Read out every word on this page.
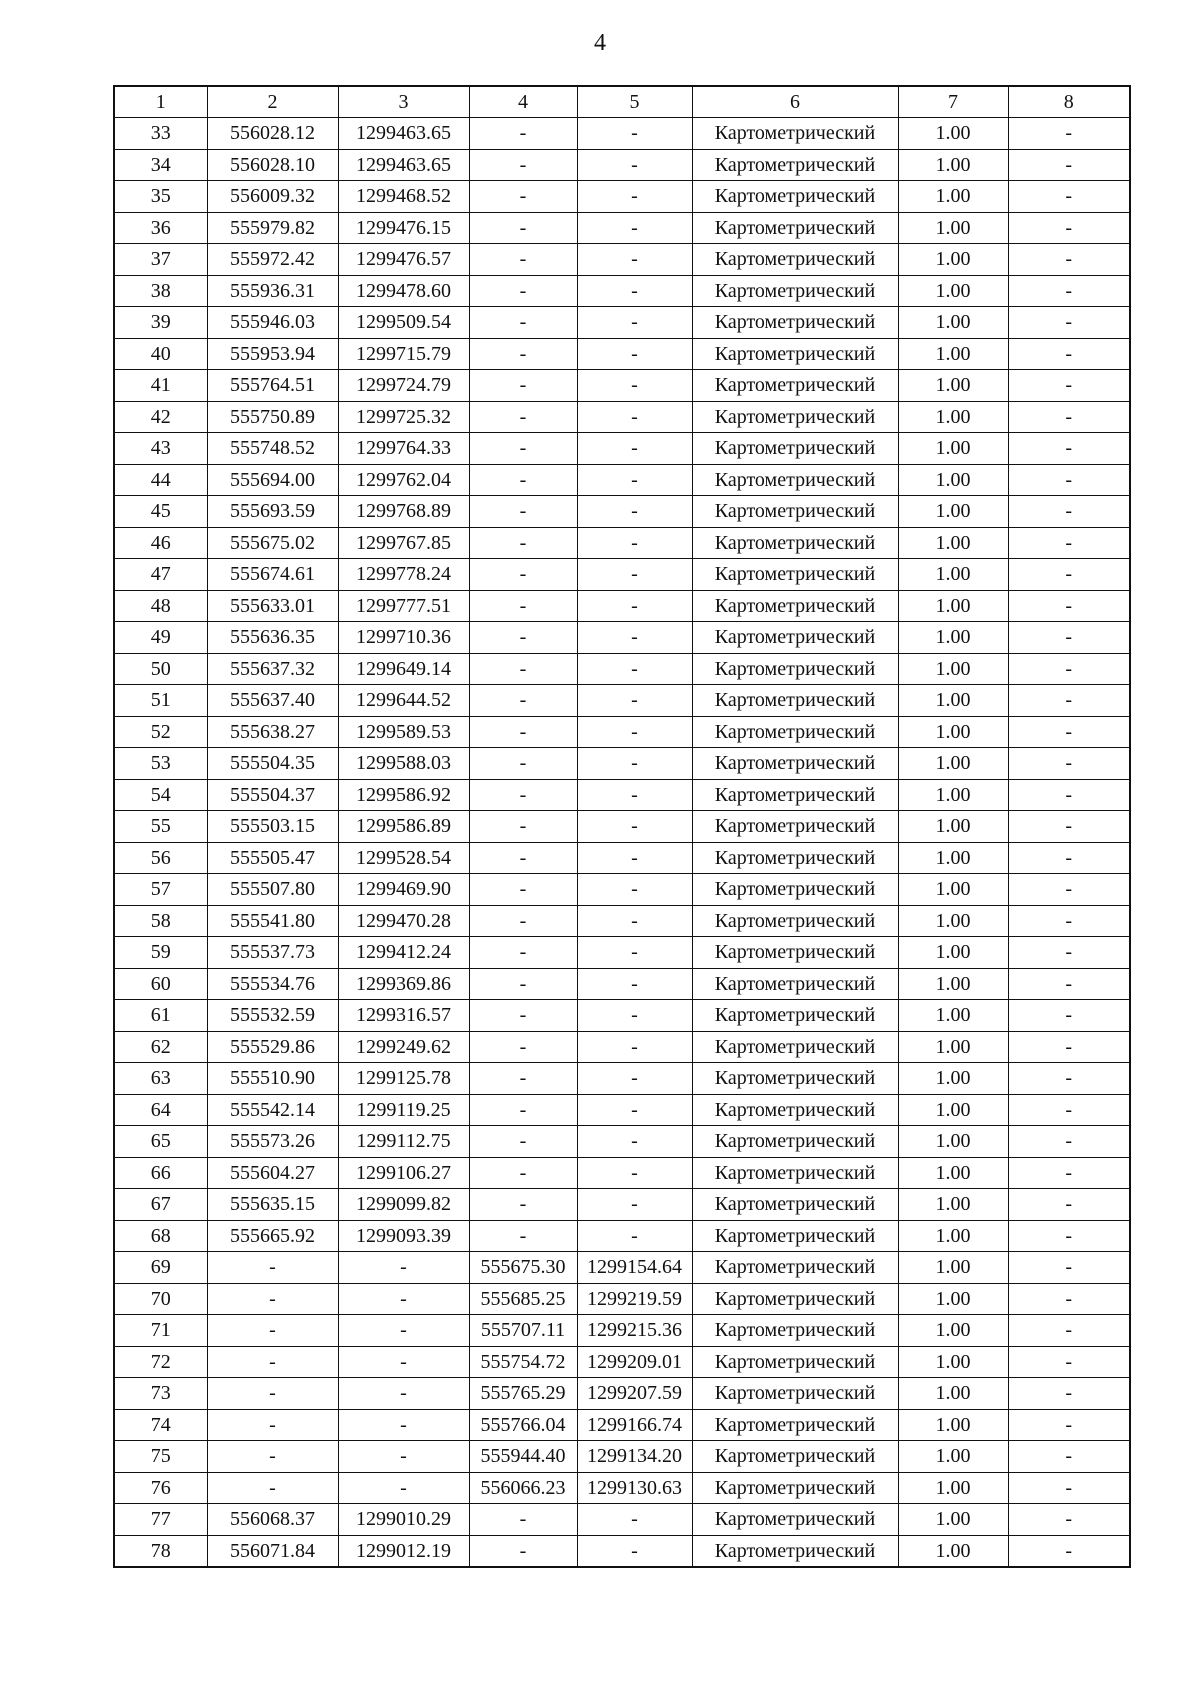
4
1	2	3	4	5	6	7	8
33	556028.12	1299463.65	-	-	Картометрический	1.00	-
34	556028.10	1299463.65	-	-	Картометрический	1.00	-
35	556009.32	1299468.52	-	-	Картометрический	1.00	-
36	555979.82	1299476.15	-	-	Картометрический	1.00	-
37	555972.42	1299476.57	-	-	Картометрический	1.00	-
38	555936.31	1299478.60	-	-	Картометрический	1.00	-
39	555946.03	1299509.54	-	-	Картометрический	1.00	-
40	555953.94	1299715.79	-	-	Картометрический	1.00	-
41	555764.51	1299724.79	-	-	Картометрический	1.00	-
42	555750.89	1299725.32	-	-	Картометрический	1.00	-
43	555748.52	1299764.33	-	-	Картометрический	1.00	-
44	555694.00	1299762.04	-	-	Картометрический	1.00	-
45	555693.59	1299768.89	-	-	Картометрический	1.00	-
46	555675.02	1299767.85	-	-	Картометрический	1.00	-
47	555674.61	1299778.24	-	-	Картометрический	1.00	-
48	555633.01	1299777.51	-	-	Картометрический	1.00	-
49	555636.35	1299710.36	-	-	Картометрический	1.00	-
50	555637.32	1299649.14	-	-	Картометрический	1.00	-
51	555637.40	1299644.52	-	-	Картометрический	1.00	-
52	555638.27	1299589.53	-	-	Картометрический	1.00	-
53	555504.35	1299588.03	-	-	Картометрический	1.00	-
54	555504.37	1299586.92	-	-	Картометрический	1.00	-
55	555503.15	1299586.89	-	-	Картометрический	1.00	-
56	555505.47	1299528.54	-	-	Картометрический	1.00	-
57	555507.80	1299469.90	-	-	Картометрический	1.00	-
58	555541.80	1299470.28	-	-	Картометрический	1.00	-
59	555537.73	1299412.24	-	-	Картометрический	1.00	-
60	555534.76	1299369.86	-	-	Картометрический	1.00	-
61	555532.59	1299316.57	-	-	Картометрический	1.00	-
62	555529.86	1299249.62	-	-	Картометрический	1.00	-
63	555510.90	1299125.78	-	-	Картометрический	1.00	-
64	555542.14	1299119.25	-	-	Картометрический	1.00	-
65	555573.26	1299112.75	-	-	Картометрический	1.00	-
66	555604.27	1299106.27	-	-	Картометрический	1.00	-
67	555635.15	1299099.82	-	-	Картометрический	1.00	-
68	555665.92	1299093.39	-	-	Картометрический	1.00	-
69	-	-	555675.30	1299154.64	Картометрический	1.00	-
70	-	-	555685.25	1299219.59	Картометрический	1.00	-
71	-	-	555707.11	1299215.36	Картометрический	1.00	-
72	-	-	555754.72	1299209.01	Картометрический	1.00	-
73	-	-	555765.29	1299207.59	Картометрический	1.00	-
74	-	-	555766.04	1299166.74	Картометрический	1.00	-
75	-	-	555944.40	1299134.20	Картометрический	1.00	-
76	-	-	556066.23	1299130.63	Картометрический	1.00	-
77	556068.37	1299010.29	-	-	Картометрический	1.00	-
78	556071.84	1299012.19	-	-	Картометрический	1.00	-
